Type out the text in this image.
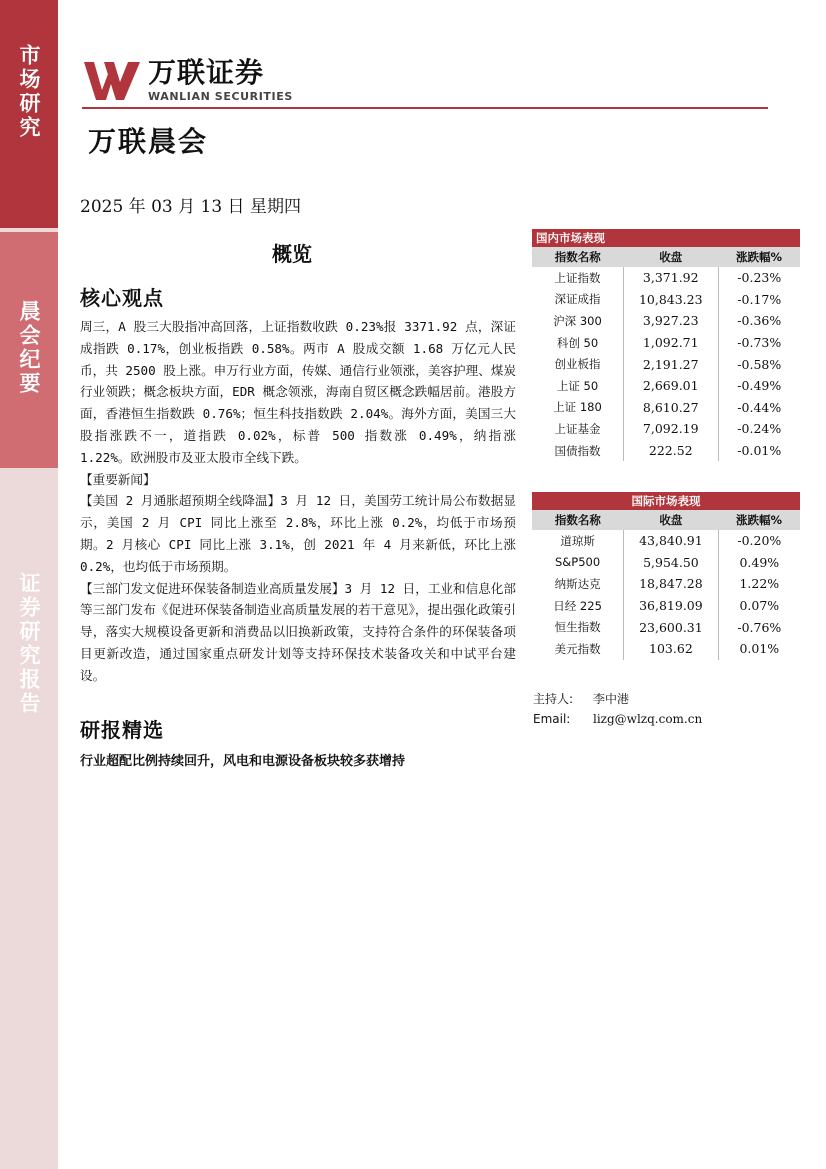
市场研究
晨会纪要
证券研究报告
万联证券
WANLIAN SECURITIES
万联晨会
2025 年 03 月 13 日 星期四
概览
核心观点

周三，A 股三大股指冲高回落，上证指数收跌 0.23%报 3371.92 点，深证成指跌 0.17%，创业板指跌 0.58%。两市 A 股成交额 1.68 万亿元人民币，共 2500 股上涨。申万行业方面，传媒、通信行业领涨，美容护理、煤炭行业领跌；概念板块方面，EDR 概念领涨，海南自贸区概念跌幅居前。港股方面，香港恒生指数跌 0.76%；恒生科技指数跌 2.04%。海外方面，美国三大股指涨跌不一，道指跌 0.02%，标普 500 指数涨 0.49%，纳指涨 1.22%。欧洲股市及亚太股市全线下跌。

【重要新闻】

【美国 2 月通胀超预期全线降温】3 月 12 日，美国劳工统计局公布数据显示，美国 2 月 CPI 同比上涨至 2.8%，环比上涨 0.2%，均低于市场预期。2 月核心 CPI 同比上涨 3.1%，创 2021 年 4 月来新低，环比上涨 0.2%，也均低于市场预期。

【三部门发文促进环保装备制造业高质量发展】3 月 12 日，工业和信息化部等三部门发布《促进环保装备制造业高质量发展的若干意见》，提出强化政策引导，落实大规模设备更新和消费品以旧换新政策，支持符合条件的环保装备项目更新改造，通过国家重点研发计划等支持环保技术装备攻关和中试平台建设。

研报精选
行业超配比例持续回升，风电和电源设备板块较多获增持
国内市场表现		
指数名称	收盘	涨跌幅%
上证指数	3,371.92	-0.23%
深证成指	10,843.23	-0.17%
沪深 300	3,927.23	-0.36%
科创 50	1,092.71	-0.73%
创业板指	2,191.27	-0.58%
上证 50	2,669.01	-0.49%
上证 180	8,610.27	-0.44%
上证基金	7,092.19	-0.24%
国债指数	222.52	-0.01%
国际市场表现		
指数名称	收盘	涨跌幅%
道琼斯	43,840.91	-0.20%
S&P500	5,954.50	0.49%
纳斯达克	18,847.28	1.22%
日经 225	36,819.09	0.07%
恒生指数	23,600.31	-0.76%
美元指数	103.62	0.01%
主持人: 李中港
Email: lizg@wlzq.com.cn
